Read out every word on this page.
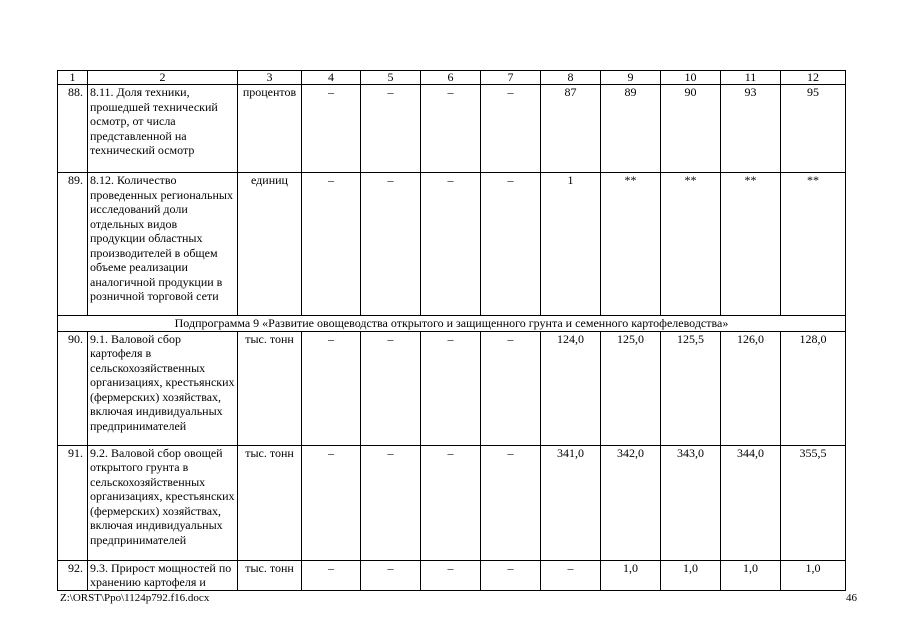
1	2	3	4	5	6	7	8	9	10	11	12
88.	8.11. Доля техники, прошедшей технический осмотр, от числа представленной на технический осмотр	процентов	–	–	–	–	87	89	90	93	95
89.	8.12. Количество проведенных региональных исследований доли отдельных видов продукции областных производителей в общем объеме реализации аналогичной продукции в розничной торговой сети	единиц	–	–	–	–	1	**	**	**	**
Подпрограмма 9 «Развитие овощеводства открытого и защищенного грунта и семенного картофелеводства»											
90.	9.1. Валовой сбор картофеля в сельскохозяйственных организациях, крестьянских (фермерских) хозяйствах, включая индивидуальных предпринимателей	тыс. тонн	–	–	–	–	124,0	125,0	125,5	126,0	128,0
91.	9.2. Валовой сбор овощей открытого грунта в сельскохозяйственных организациях, крестьянских (фермерских) хозяйствах, включая индивидуальных предпринимателей	тыс. тонн	–	–	–	–	341,0	342,0	343,0	344,0	355,5
92.	9.3. Прирост мощностей по хранению картофеля и	тыс. тонн	–	–	–	–	–	1,0	1,0	1,0	1,0
Z:\ORST\Ppo\1124p792.f16.docx	46
